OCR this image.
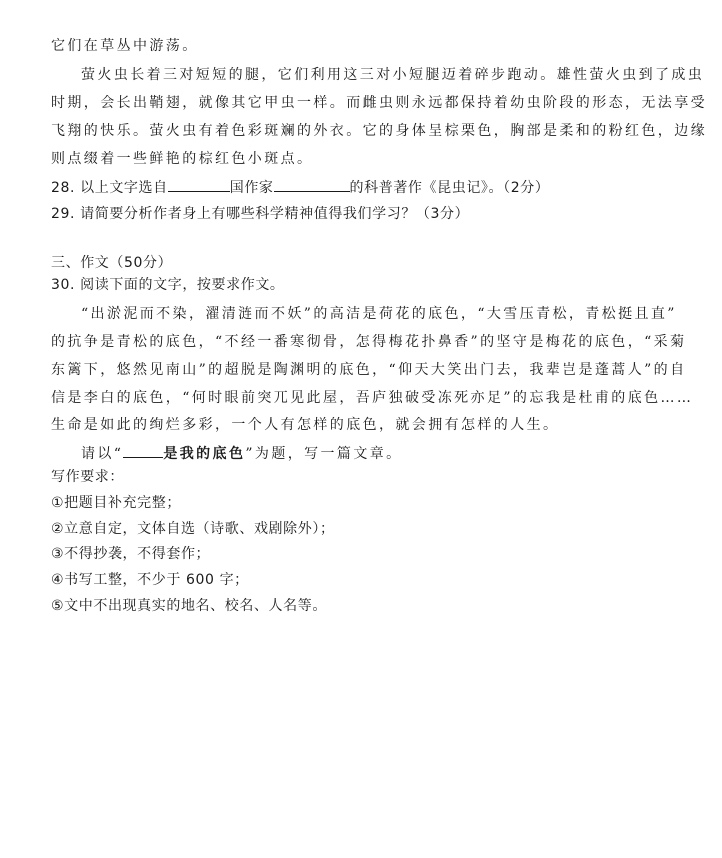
它们在草丛中游荡。
萤火虫长着三对短短的腿，它们利用这三对小短腿迈着碎步跑动。雄性萤火虫到了成虫
时期，会长出鞘翅，就像其它甲虫一样。而雌虫则永远都保持着幼虫阶段的形态，无法享受
飞翔的快乐。萤火虫有着色彩斑斓的外衣。它的身体呈棕栗色，胸部是柔和的粉红色，边缘
则点缀着一些鲜艳的棕红色小斑点。
28. 以上文字选自	国作家	的科普著作《昆虫记》。（2分）
29. 请简要分析作者身上有哪些科学精神值得我们学习？（3分）
三、作文（50分）
30. 阅读下面的文字，按要求作文。
“出淤泥而不染，濯清涟而不妖”的高洁是荷花的底色，“大雪压青松，青松挺且直”
的抗争是青松的底色，“不经一番寒彻骨，怎得梅花扑鼻香”的坚守是梅花的底色，“采菊
东篱下，悠然见南山”的超脱是陶渊明的底色，“仰天大笑出门去，我辈岂是蓬蒿人”的自
信是李白的底色，“何时眼前突兀见此屋，吾庐独破受冻死亦足”的忘我是杜甫的底色……
生命是如此的绚烂多彩，一个人有怎样的底色，就会拥有怎样的人生。
请以“	是我的底色”为题，写一篇文章。
写作要求：
①把题目补充完整；
②立意自定，文体自选（诗歌、戏剧除外）；
③不得抄袭，不得套作；
④书写工整，不少于 600 字；
⑤文中不出现真实的地名、校名、人名等。
